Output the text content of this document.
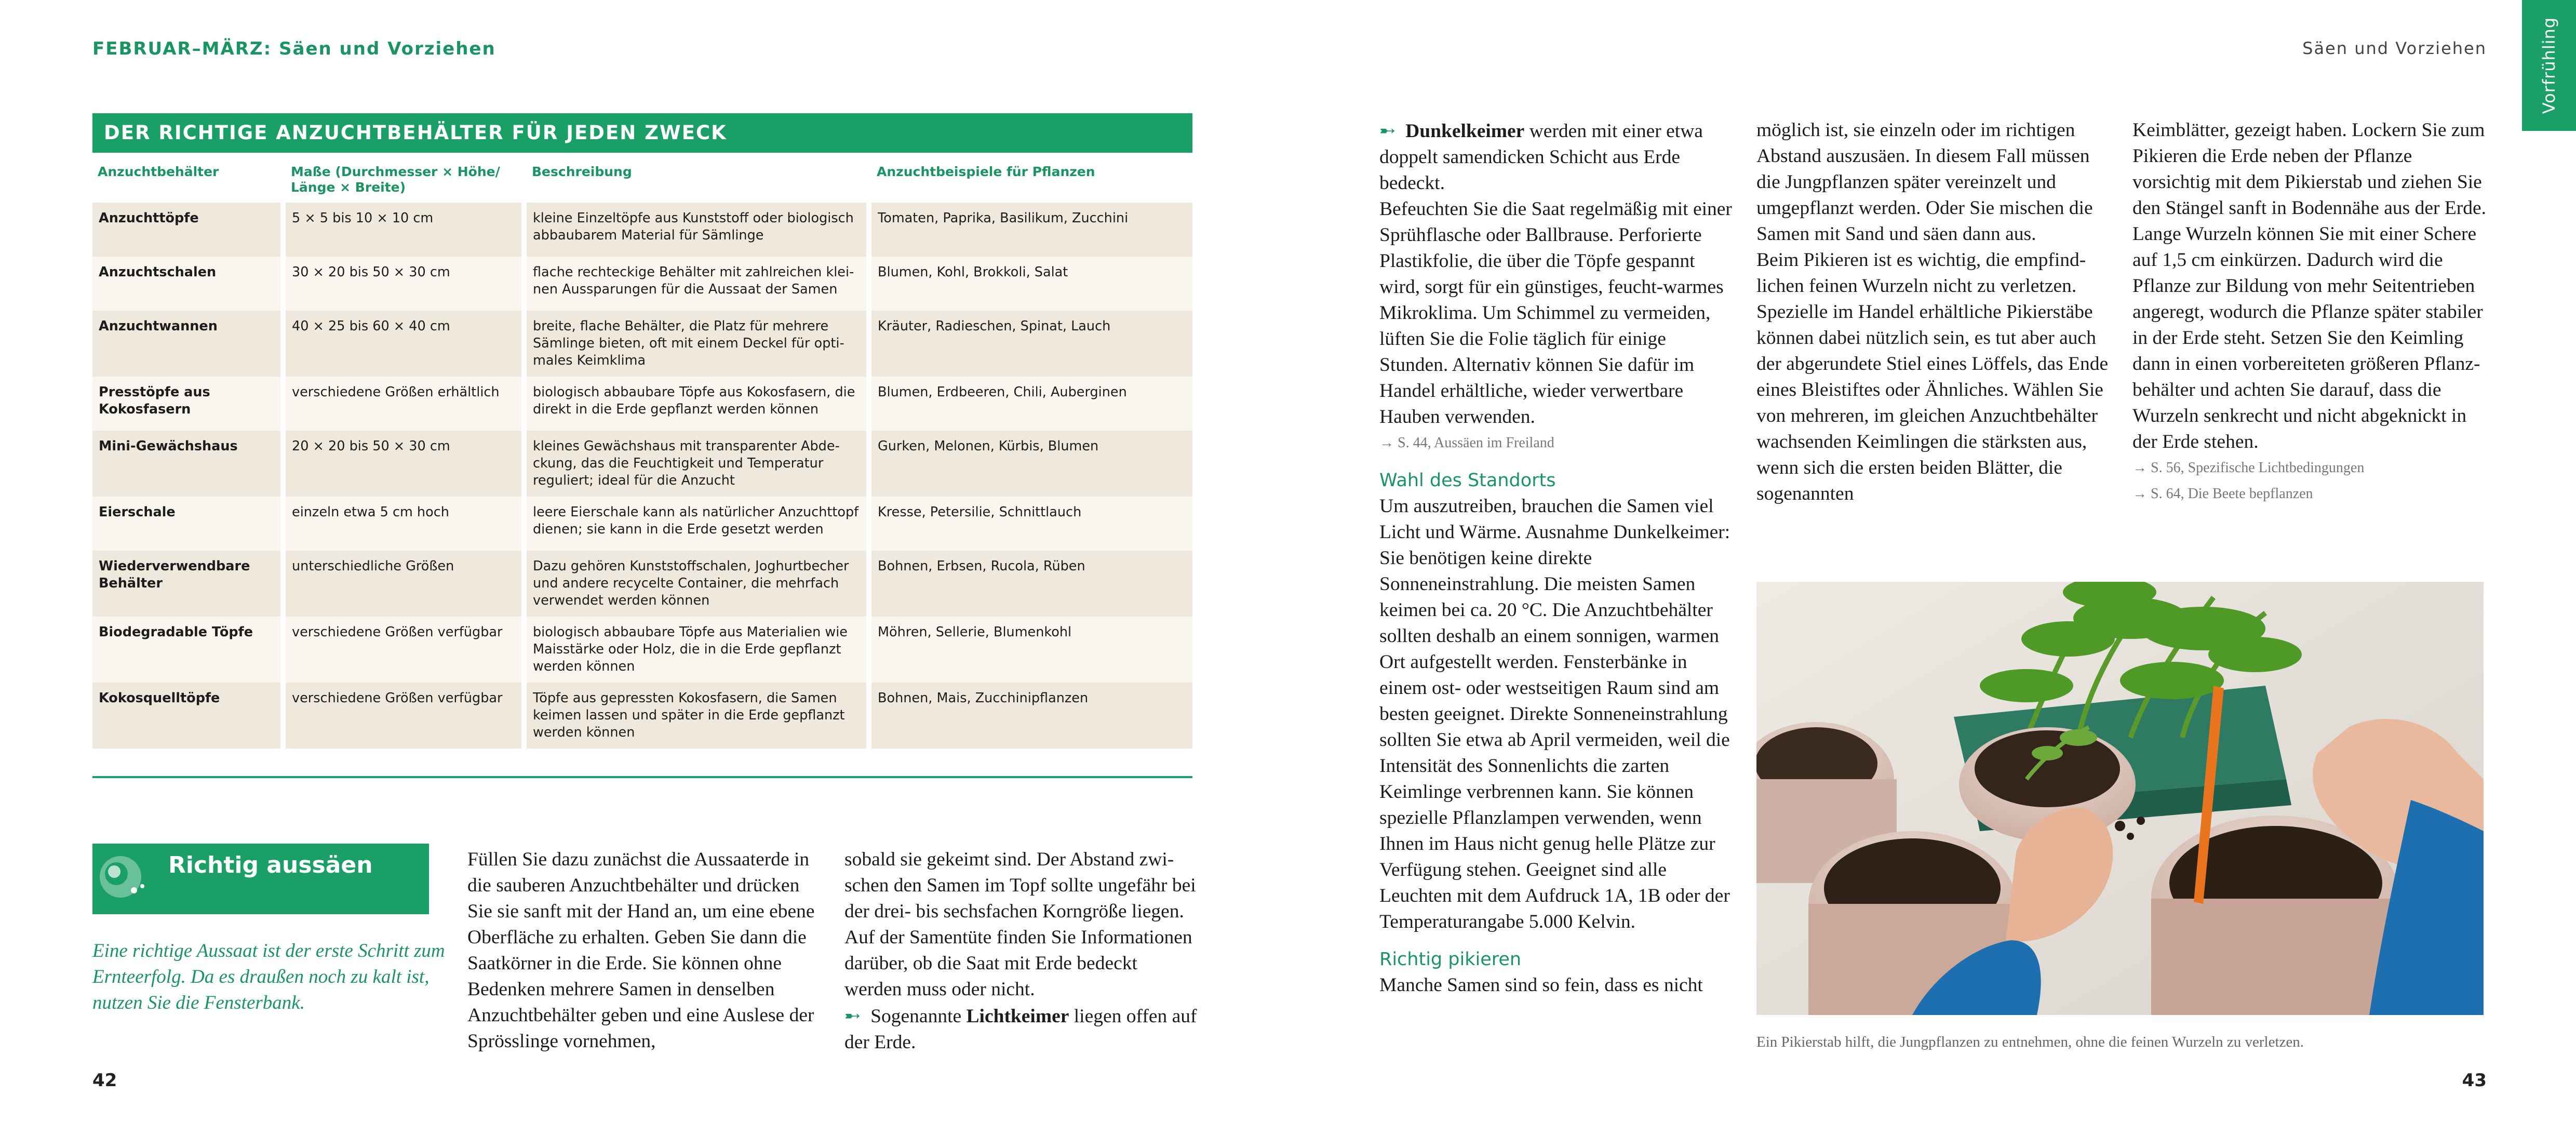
FEBRUAR–MÄRZ: Säen und Vorziehen	Säen und Vorziehen	Vorfrühling
DER RICHTIGE ANZUCHTBEHÄLTER FÜR JEDEN ZWECK
Anzuchtbehälter	Maße (Durchmesser × Höhe/ Länge × Breite)	Beschreibung	Anzuchtbeispiele für Pflanzen
Anzuchttöpfe	5 × 5 bis 10 × 10 cm	kleine Einzeltöpfe aus Kunststoff oder biologisch abbaubarem Material für Sämlinge	Tomaten, Paprika, Basilikum, Zucchini
Anzuchtschalen	30 × 20 bis 50 × 30 cm	flache rechteckige Behälter mit zahlreichen kleinen Aussparungen für die Aussaat der Samen	Blumen, Kohl, Brokkoli, Salat
Anzuchtwannen	40 × 25 bis 60 × 40 cm	breite, flache Behälter, die Platz für mehrere Sämlinge bieten, oft mit einem Deckel für optimales Keimklima	Kräuter, Radieschen, Spinat, Lauch
Presstöpfe aus Kokosfasern	verschiedene Größen erhältlich	biologisch abbaubare Töpfe aus Kokosfasern, die direkt in die Erde gepflanzt werden können	Blumen, Erdbeeren, Chili, Auberginen
Mini-Gewächshaus	20 × 20 bis 50 × 30 cm	kleines Gewächshaus mit transparenter Abdeckung, das die Feuchtigkeit und Temperatur reguliert; ideal für die Anzucht	Gurken, Melonen, Kürbis, Blumen
Eierschale	einzeln etwa 5 cm hoch	leere Eierschale kann als natürlicher Anzuchttopf dienen; sie kann in die Erde gesetzt werden	Kresse, Petersilie, Schnittlauch
Wiederverwendbare Behälter	unterschiedliche Größen	Dazu gehören Kunststoffschalen, Joghurtbecher und andere recycelte Container, die mehrfach verwendet werden können	Bohnen, Erbsen, Rucola, Rüben
Biodegradable Töpfe	verschiedene Größen verfügbar	biologisch abbaubare Töpfe aus Materialien wie Maisstärke oder Holz, die in die Erde gepflanzt werden können	Möhren, Sellerie, Blumenkohl
Kokosquelltöpfe	verschiedene Größen verfügbar	Töpfe aus gepressten Kokosfasern, die Samen keimen lassen und später in die Erde gepflanzt werden können	Bohnen, Mais, Zucchinipflanzen
Richtig aussäen
Eine richtige Aussaat ist der erste Schritt zum Ernteerfolg. Da es draußen noch zu kalt ist, nutzen Sie die Fensterbank.

Füllen Sie dazu zunächst die Aussaaterde in die sauberen Anzuchtbehälter und drücken Sie sie sanft mit der Hand an, um eine ebene Oberfläche zu erhalten. Geben Sie dann die Saatkörner in die Erde. Sie können ohne Bedenken mehrere Samen in denselben Anzuchtbehälter geben und eine Auslese der Sprösslinge vornehmen,

sobald sie gekeimt sind. Der Abstand zwischen den Samen im Topf sollte ungefähr bei der drei- bis sechsfachen Korngröße liegen. Auf der Samentüte finden Sie Informationen darüber, ob die Saat mit Erde bedeckt werden muss oder nicht.

➸ Sogenannte Lichtkeimer liegen offen auf der Erde.

➸ Dunkelkeimer werden mit einer etwa doppelt samendicken Schicht aus Erde bedeckt.

Befeuchten Sie die Saat regelmäßig mit einer Sprühflasche oder Ballbrause. Perforierte Plastikfolie, die über die Töpfe gespannt wird, sorgt für ein günstiges, feucht-warmes Mikroklima. Um Schimmel zu vermeiden, lüften Sie die Folie täglich für einige Stunden. Alternativ können Sie dafür im Handel erhältliche, wieder verwertbare Hauben verwenden.

→ S. 44, Aussäen im Freiland

Wahl des Standorts

Um auszutreiben, brauchen die Samen viel Licht und Wärme. Ausnahme Dunkelkeimer: Sie benötigen keine direkte Sonneneinstrahlung. Die meisten Samen keimen bei ca. 20 °C. Die Anzuchtbehälter sollten deshalb an einem sonnigen, warmen Ort aufgestellt werden. Fensterbänke in einem ost- oder westseitigen Raum sind am besten geeignet. Direkte Sonneneinstrahlung sollten Sie etwa ab April vermeiden, weil die Intensität des Sonnenlichts die zarten Keimlinge verbrennen kann. Sie können spezielle Pflanzlampen verwenden, wenn Ihnen im Haus nicht genug helle Plätze zur Verfügung stehen. Geeignet sind alle Leuchten mit dem Aufdruck 1A, 1B oder der Temperaturangabe 5.000 Kelvin.

Richtig pikieren

Manche Samen sind so fein, dass es nicht

möglich ist, sie einzeln oder im richtigen Abstand auszusäen. In diesem Fall müssen die Jungpflanzen später vereinzelt und umgepflanzt werden. Oder Sie mischen die Samen mit Sand und säen dann aus.

Beim Pikieren ist es wichtig, die empfindlichen feinen Wurzeln nicht zu verletzen. Spezielle im Handel erhältliche Pikierstäbe können dabei nützlich sein, es tut aber auch der abgerundete Stiel eines Löffels, das Ende eines Bleistiftes oder Ähnliches. Wählen Sie von mehreren, im gleichen Anzuchtbehälter wachsenden Keimlingen die stärksten aus, wenn sich die ersten beiden Blätter, die sogenannten

Keimblätter, gezeigt haben. Lockern Sie zum Pikieren die Erde neben der Pflanze vorsichtig mit dem Pikierstab und ziehen Sie den Stängel sanft in Bodennähe aus der Erde. Lange Wurzeln können Sie mit einer Schere auf 1,5 cm einkürzen. Dadurch wird die Pflanze zur Bildung von mehr Seitentrieben angeregt, wodurch die Pflanze später stabiler in der Erde steht. Setzen Sie den Keimling dann in einen vorbereiteten größeren Pflanzbehälter und achten Sie darauf, dass die Wurzeln senkrecht und nicht abgeknickt in der Erde stehen.

→ S. 56, Spezifische Lichtbedingungen

→ S. 64, Die Beete bepflanzen

Ein Pikierstab hilft, die Jungpflanzen zu entnehmen, ohne die feinen Wurzeln zu verletzen.
42	43
